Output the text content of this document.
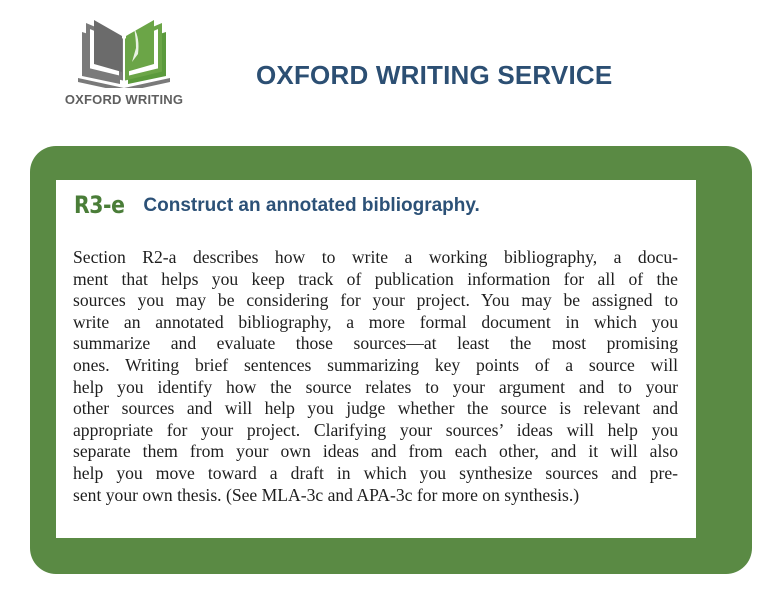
OXFORD WRITING
OXFORD WRITING SERVICE
R3-e Construct an annotated bibliography.
Section R2-a describes how to write a working bibliography, a docu-
ment that helps you keep track of publication information for all of the
sources you may be considering for your project. You may be assigned to
write an annotated bibliography, a more formal document in which you
summarize and evaluate those sources—at least the most promising
ones. Writing brief sentences summarizing key points of a source will
help you identify how the source relates to your argument and to your
other sources and will help you judge whether the source is relevant and
appropriate for your project. Clarifying your sources’ ideas will help you
separate them from your own ideas and from each other, and it will also
help you move toward a draft in which you synthesize sources and pre-
sent your own thesis. (See MLA-3c and APA-3c for more on synthesis.)
